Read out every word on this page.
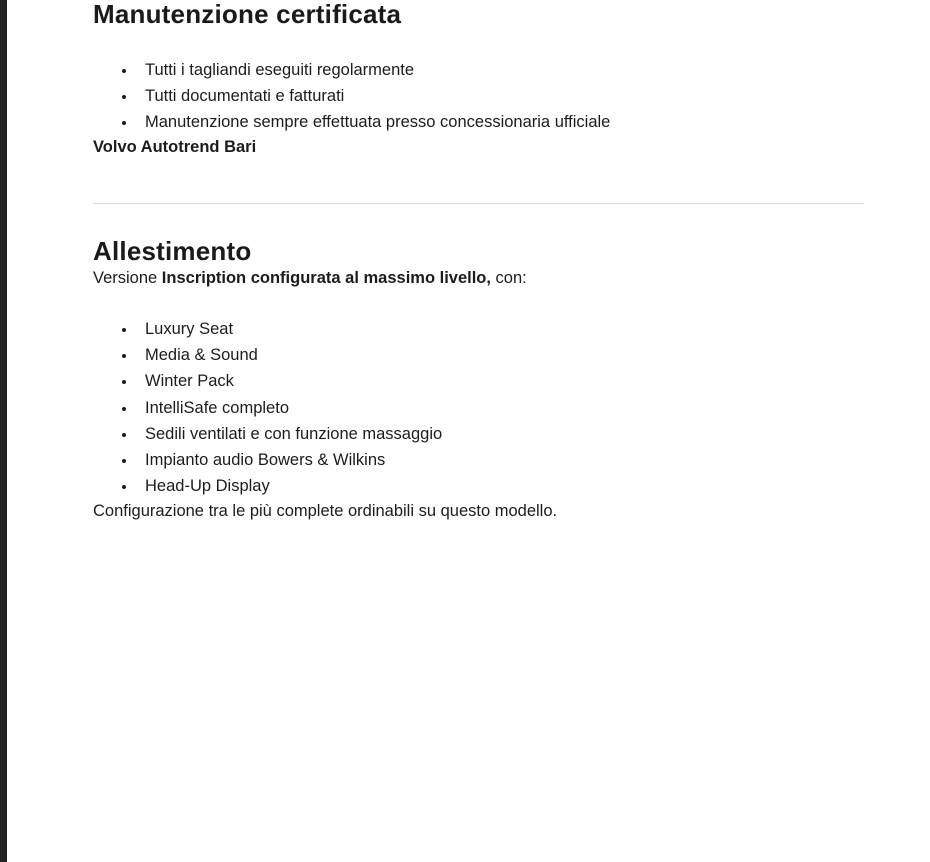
Manutenzione certificata
• Tutti i tagliandi eseguiti regolarmente
• Tutti documentati e fatturati
• Manutenzione sempre effettuata presso concessionaria ufficiale

Volvo Autotrend Bari

Allestimento

Versione Inscription configurata al massimo livello, con:

• Luxury Seat
• Media & Sound
• Winter Pack
• IntelliSafe completo
• Sedili ventilati e con funzione massaggio
• Impianto audio Bowers & Wilkins
• Head-Up Display

Configurazione tra le più complete ordinabili su questo modello.
